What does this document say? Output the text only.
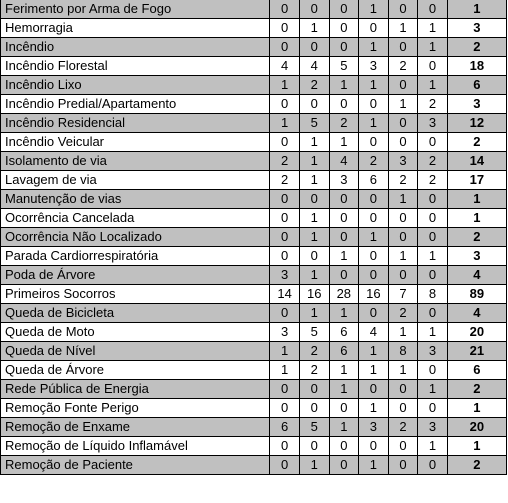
Ferimento por Arma de Fogo	0	0	0	1	0	0	1
Hemorragia	0	1	0	0	1	1	3
Incêndio	0	0	0	1	0	1	2
Incêndio Florestal	4	4	5	3	2	0	18
Incêndio Lixo	1	2	1	1	0	1	6
Incêndio Predial/Apartamento	0	0	0	0	1	2	3
Incêndio Residencial	1	5	2	1	0	3	12
Incêndio Veicular	0	1	1	0	0	0	2
Isolamento de via	2	1	4	2	3	2	14
Lavagem de via	2	1	3	6	2	2	17
Manutenção de vias	0	0	0	0	1	0	1
Ocorrência Cancelada	0	1	0	0	0	0	1
Ocorrência Não Localizado	0	1	0	1	0	0	2
Parada Cardiorrespiratória	0	0	1	0	1	1	3
Poda de Árvore	3	1	0	0	0	0	4
Primeiros Socorros	14	16	28	16	7	8	89
Queda de Bicicleta	0	1	1	0	2	0	4
Queda de Moto	3	5	6	4	1	1	20
Queda de Nível	1	2	6	1	8	3	21
Queda de Árvore	1	2	1	1	1	0	6
Rede Pública de Energia	0	0	1	0	0	1	2
Remoção Fonte Perigo	0	0	0	1	0	0	1
Remoção de Enxame	6	5	1	3	2	3	20
Remoção de Líquido Inflamável	0	0	0	0	0	1	1
Remoção de Paciente	0	1	0	1	0	0	2
